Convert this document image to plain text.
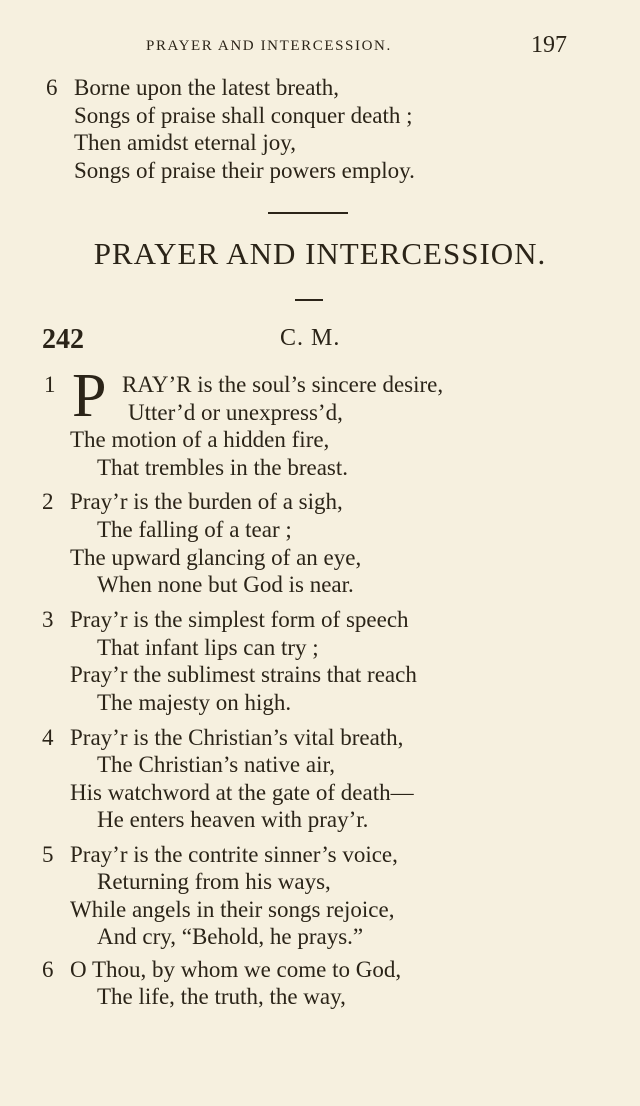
PRAYER AND INTERCESSION.	197
6 Borne upon the latest breath,
Songs of praise shall conquer death ;
Then amidst eternal joy,
Songs of praise their powers employ.
PRAYER AND INTERCESSION.
242	C. M.
1 P RAY’R is the soul’s sincere desire,
Utter’d or unexpress’d,
The motion of a hidden fire,
That trembles in the breast.
2 Pray’r is the burden of a sigh,
The falling of a tear ;
The upward glancing of an eye,
When none but God is near.
3 Pray’r is the simplest form of speech
That infant lips can try ;
Pray’r the sublimest strains that reach
The majesty on high.
4 Pray’r is the Christian’s vital breath,
The Christian’s native air,
His watchword at the gate of death—
He enters heaven with pray’r.
5 Pray’r is the contrite sinner’s voice,
Returning from his ways,
While angels in their songs rejoice,
And cry, “Behold, he prays.”
6 O Thou, by whom we come to God,
The life, the truth, the way,
